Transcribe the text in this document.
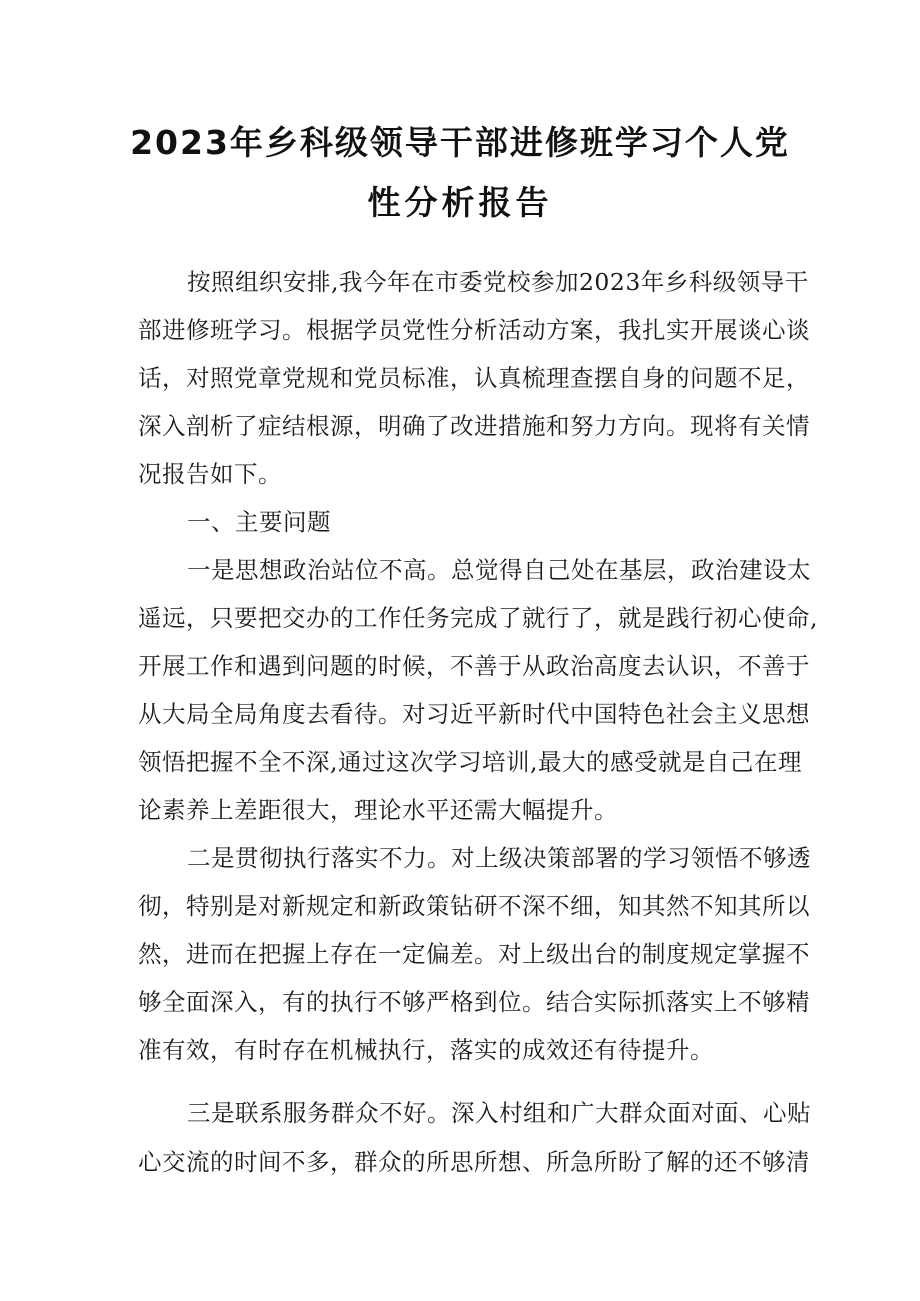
2023年乡科级领导干部进修班学习个人党
性分析报告
按照组织安排,我今年在市委党校参加2023年乡科级领导干
部进修班学习。根据学员党性分析活动方案，我扎实开展谈心谈
话，对照党章党规和党员标准，认真梳理查摆自身的问题不足，
深入剖析了症结根源，明确了改进措施和努力方向。现将有关情
况报告如下。
一、主要问题
一是思想政治站位不高。总觉得自己处在基层，政治建设太
遥远，只要把交办的工作任务完成了就行了，就是践行初心使命,
开展工作和遇到问题的时候，不善于从政治高度去认识，不善于
从大局全局角度去看待。对习近平新时代中国特色社会主义思想
领悟把握不全不深,通过这次学习培训,最大的感受就是自己在理
论素养上差距很大，理论水平还需大幅提升。
二是贯彻执行落实不力。对上级决策部署的学习领悟不够透
彻，特别是对新规定和新政策钻研不深不细，知其然不知其所以
然，进而在把握上存在一定偏差。对上级出台的制度规定掌握不
够全面深入，有的执行不够严格到位。结合实际抓落实上不够精
准有效，有时存在机械执行，落实的成效还有待提升。
三是联系服务群众不好。深入村组和广大群众面对面、心贴
心交流的时间不多，群众的所思所想、所急所盼了解的还不够清
